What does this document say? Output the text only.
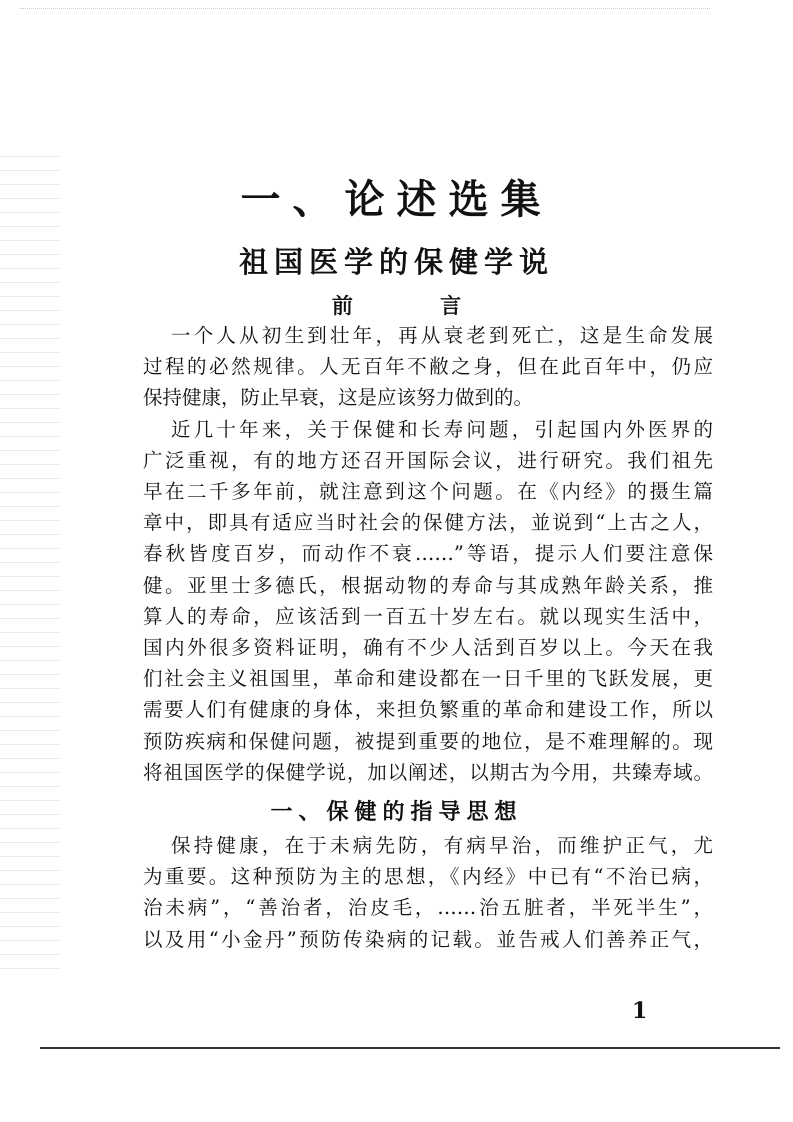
一、论述选集
祖国医学的保健学说
前 言
一个人从初生到壮年，再从衰老到死亡，这是生命发展
过程的必然规律。人无百年不敝之身，但在此百年中，仍应
保持健康，防止早衰，这是应该努力做到的。
近几十年来，关于保健和长寿问题，引起国内外医界的
广泛重视，有的地方还召开国际会议，进行研究。我们祖先
早在二千多年前，就注意到这个问题。在《内经》的摄生篇
章中，即具有适应当时社会的保健方法，並说到“上古之人，
春秋皆度百岁，而动作不衰……”等语，提示人们要注意保
健。亚里士多德氏，根据动物的寿命与其成熟年龄关系，推
算人的寿命，应该活到一百五十岁左右。就以现实生活中，
国内外很多资料证明，确有不少人活到百岁以上。今天在我
们社会主义祖国里，革命和建设都在一日千里的飞跃发展，更
需要人们有健康的身体，来担负繁重的革命和建设工作，所以
预防疾病和保健问题，被提到重要的地位，是不难理解的。现
将祖国医学的保健学说，加以阐述，以期古为今用，共臻寿域。
一、保健的指导思想
保持健康，在于未病先防，有病早治，而维护正气，尤
为重要。这种预防为主的思想，《内经》中已有“不治已病，
治未病”，“善治者，治皮毛，……治五脏者，半死半生”，
以及用“小金丹”预防传染病的记载。並告戒人们善养正气，
1
